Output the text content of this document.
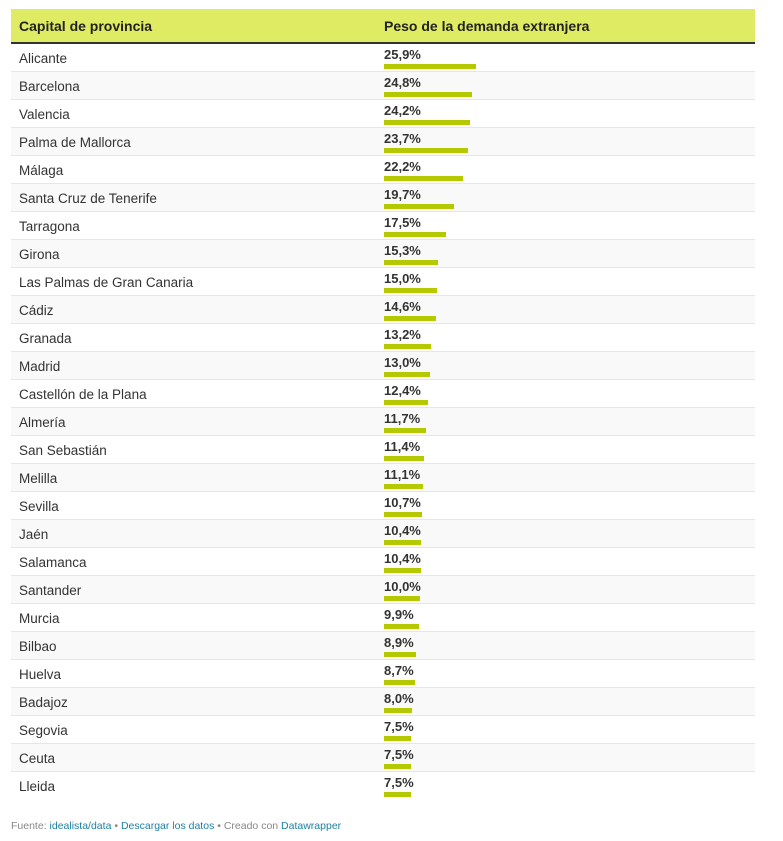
Capital de provincia	Peso de la demanda extranjera
Alicante	25,9%
Barcelona	24,8%
Valencia	24,2%
Palma de Mallorca	23,7%
Málaga	22,2%
Santa Cruz de Tenerife	19,7%
Tarragona	17,5%
Girona	15,3%
Las Palmas de Gran Canaria	15,0%
Cádiz	14,6%
Granada	13,2%
Madrid	13,0%
Castellón de la Plana	12,4%
Almería	11,7%
San Sebastián	11,4%
Melilla	11,1%
Sevilla	10,7%
Jaén	10,4%
Salamanca	10,4%
Santander	10,0%
Murcia	9,9%
Bilbao	8,9%
Huelva	8,7%
Badajoz	8,0%
Segovia	7,5%
Ceuta	7,5%
Lleida	7,5%
Fuente: idealista/data • Descargar los datos • Creado con Datawrapper
